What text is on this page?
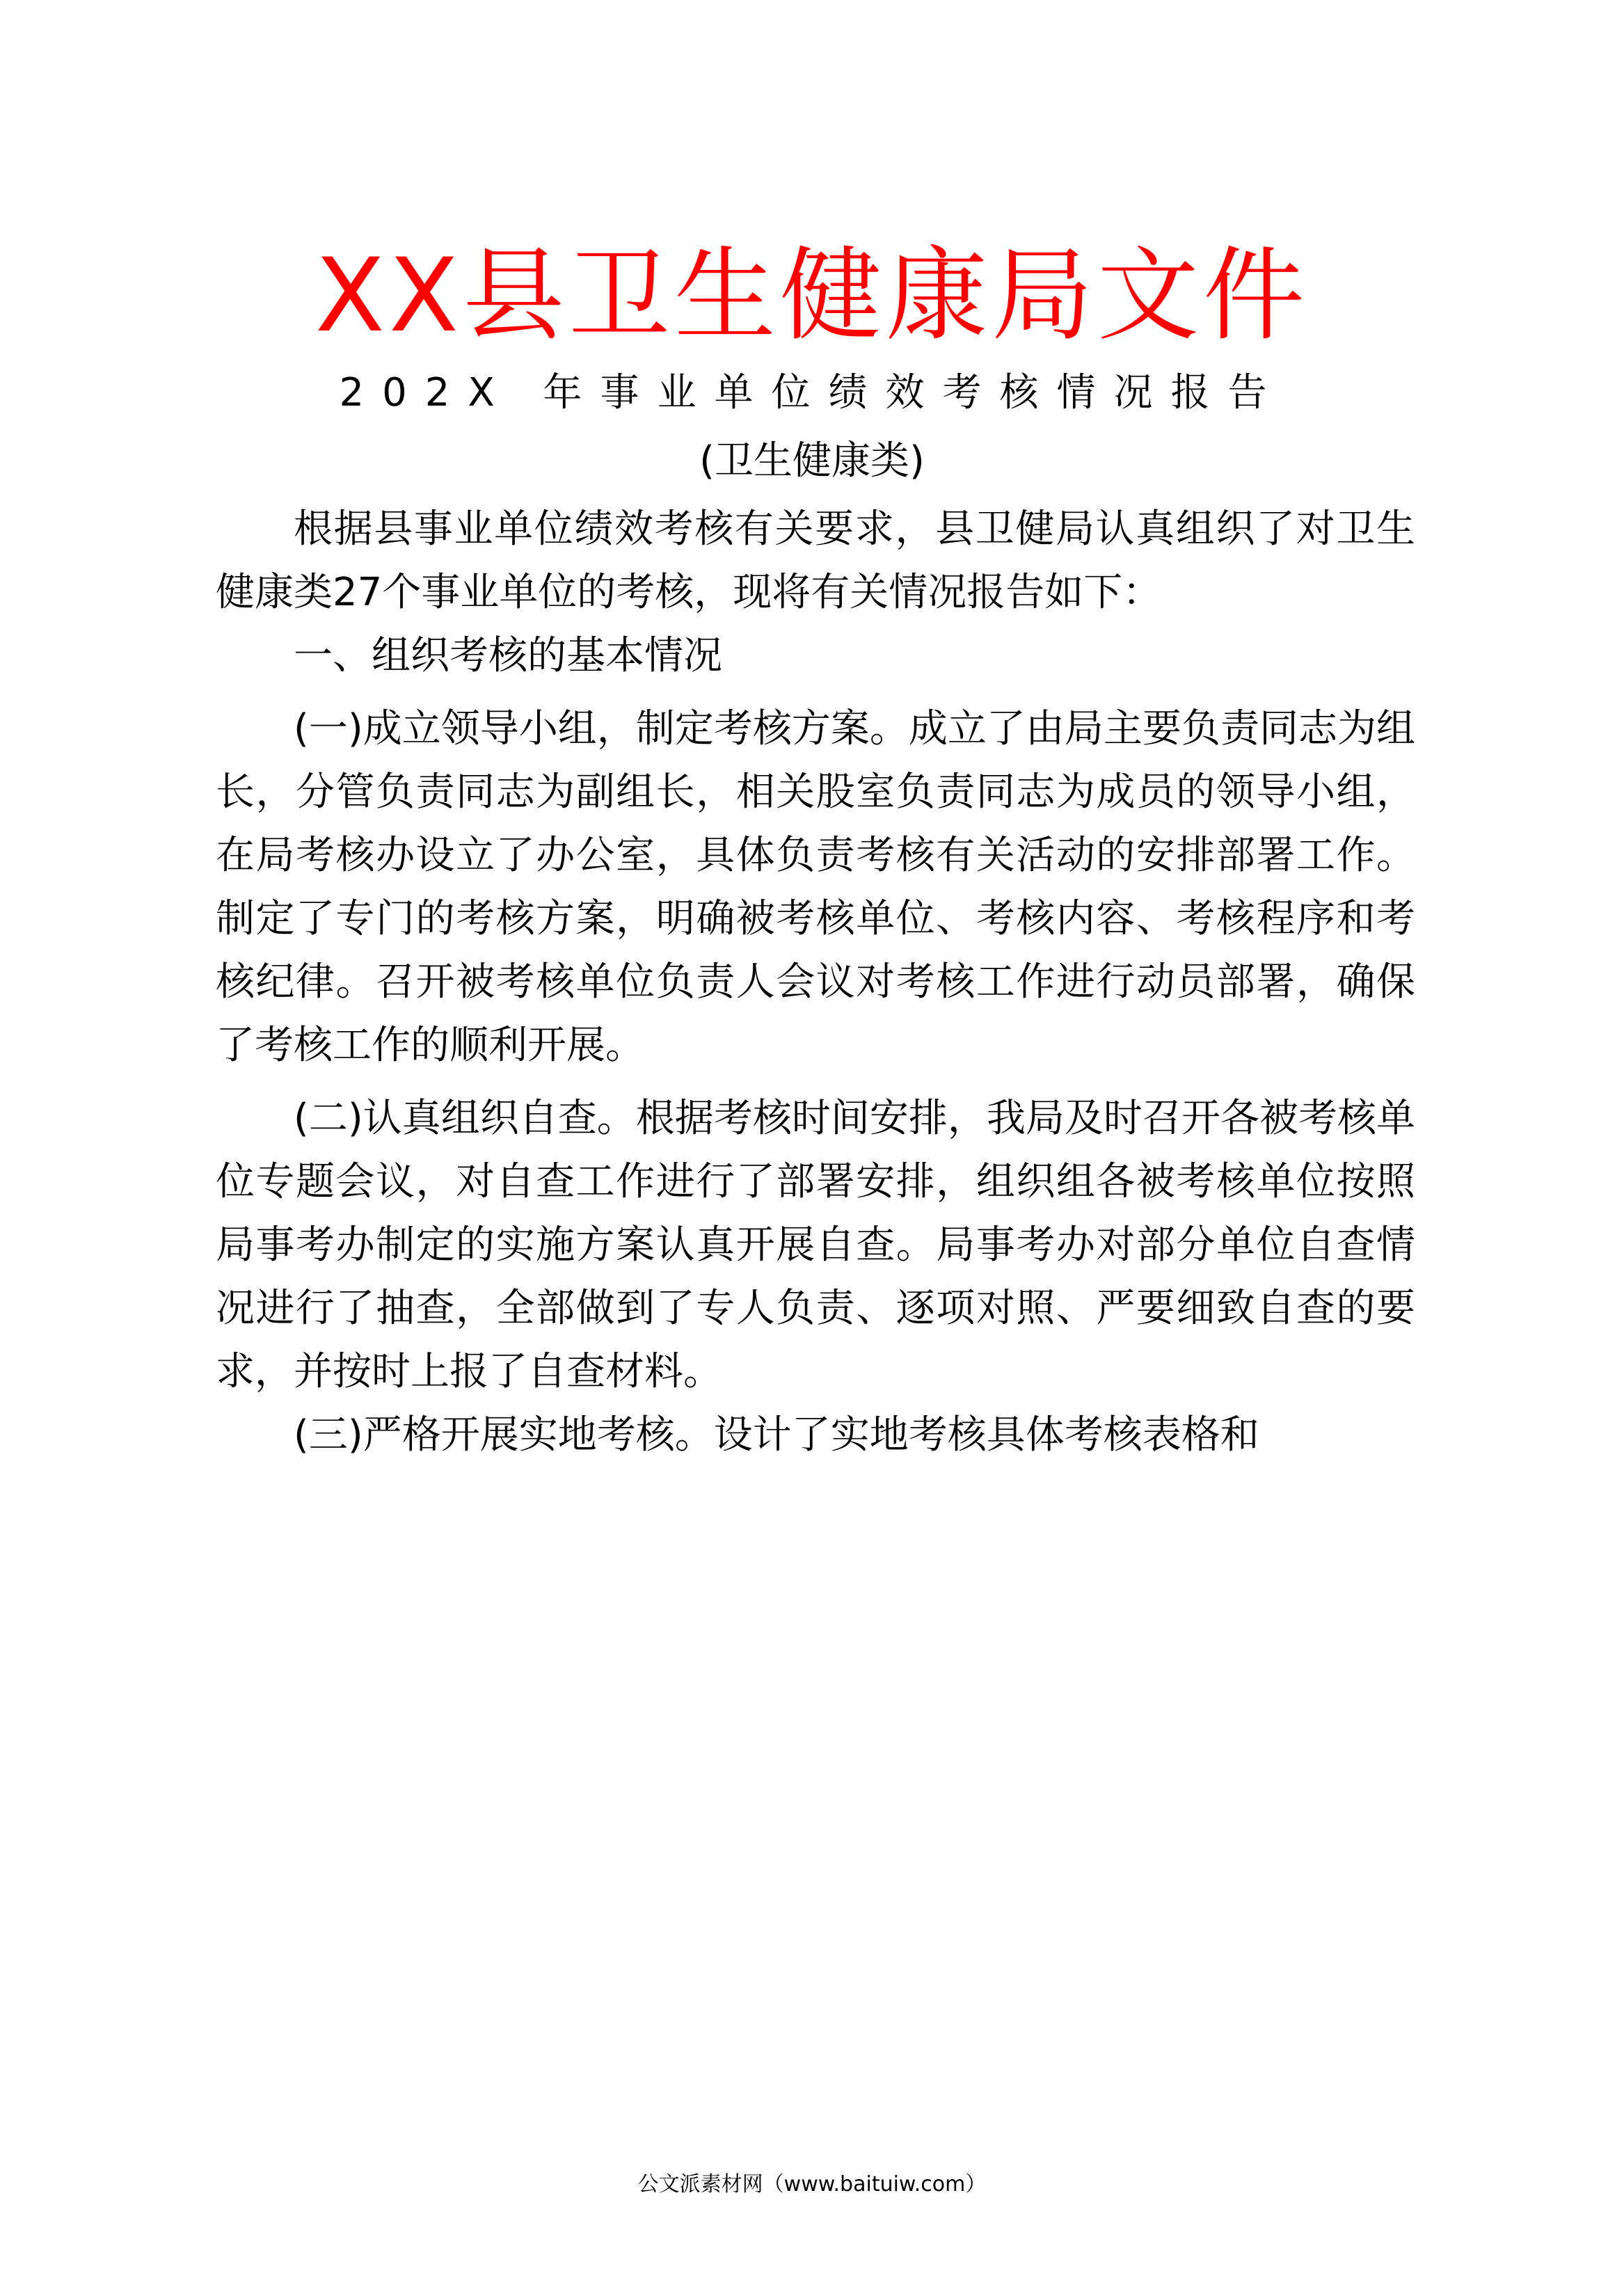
XX县卫生健康局文件
202X 年事业单位绩效考核情况报告
(卫生健康类)

根据县事业单位绩效考核有关要求，县卫健局认真组织了对卫生健康类27个事业单位的考核，现将有关情况报告如下：

一、组织考核的基本情况

(一)成立领导小组，制定考核方案。成立了由局主要负责同志为组长，分管负责同志为副组长，相关股室负责同志为成员的领导小组，在局考核办设立了办公室，具体负责考核有关活动的安排部署工作。制定了专门的考核方案，明确被考核单位、考核内容、考核程序和考核纪律。召开被考核单位负责人会议对考核工作进行动员部署，确保了考核工作的顺利开展。

(二)认真组织自查。根据考核时间安排，我局及时召开各被考核单位专题会议，对自查工作进行了部署安排，组织组各被考核单位按照局事考办制定的实施方案认真开展自查。局事考办对部分单位自查情况进行了抽查，全部做到了专人负责、逐项对照、严要细致自查的要求，并按时上报了自查材料。

(三)严格开展实地考核。设计了实地考核具体考核表格和

公文派素材网（www.baituiw.com）
